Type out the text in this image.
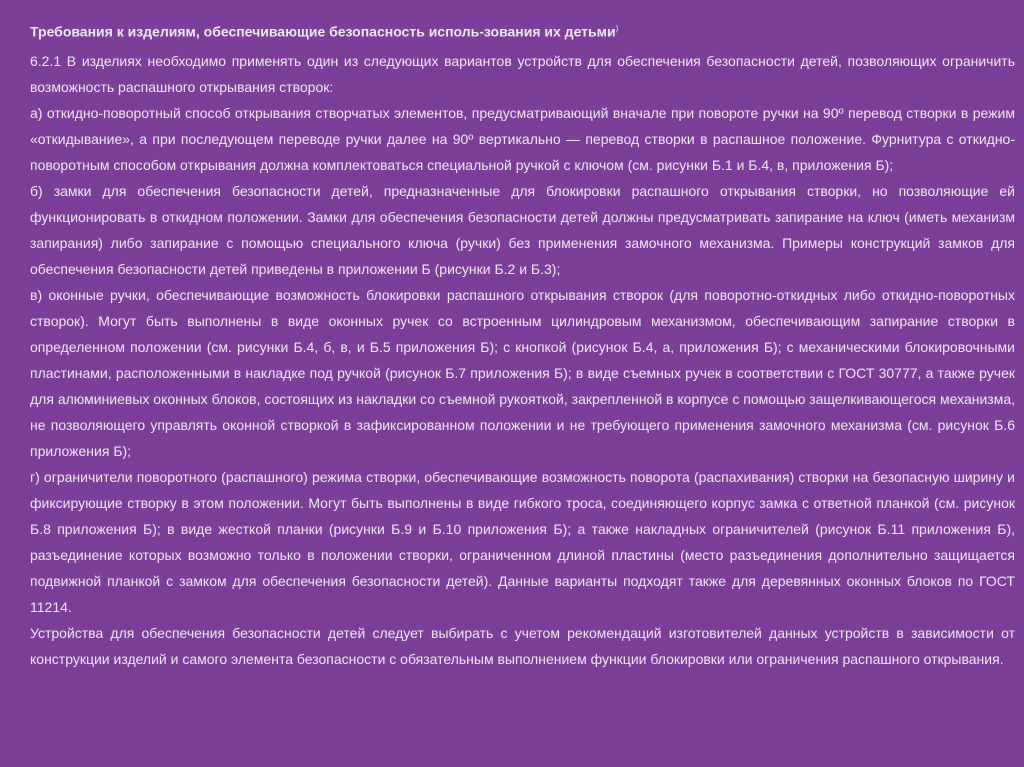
Требования к изделиям, обеспечивающие безопасность исполь-зования их детьми)

6.2.1 В изделиях необходимо применять один из следующих вариантов устройств для обеспечения безопасности детей, позволяющих ограничить возможность распашного открывания створок:

а) откидно-поворотный способ открывания створчатых элементов, предусматривающий вначале при повороте ручки на 90º перевод створки в режим «откидывание», а при последующем переводе ручки далее на 90º вертикально — перевод створки в распашное положение. Фурнитура с откидно-поворотным способом открывания должна комплектоваться специальной ручкой с ключом (см. рисунки Б.1 и Б.4, в, приложения Б);

б) замки для обеспечения безопасности детей, предназначенные для блокировки распашного открывания створки, но позволяющие ей функционировать в откидном положении. Замки для обеспечения безопасности детей должны предусматривать запирание на ключ (иметь механизм запирания) либо запирание с помощью специального ключа (ручки) без применения замочного механизма. Примеры конструкций замков для обеспечения безопасности детей приведены в приложении Б (рисунки Б.2 и Б.3);

в) оконные ручки, обеспечивающие возможность блокировки распашного открывания створок (для поворотно-откидных либо откидно-поворотных створок). Могут быть выполнены в виде оконных ручек со встроенным цилиндровым механизмом, обеспечивающим запирание створки в определенном положении (см. рисунки Б.4, б, в, и Б.5 приложения Б); с кнопкой (рисунок Б.4, а, приложения Б); с механическими блокировочными пластинами, расположенными в накладке под ручкой (рисунок Б.7 приложения Б); в виде съемных ручек в соответствии с ГОСТ 30777, а также ручек для алюминиевых оконных блоков, состоящих из накладки со съемной рукояткой, закрепленной в корпусе с помощью защелкивающегося механизма, не позволяющего управлять оконной створкой в зафиксированном положении и не требующего применения замочного механизма (см. рисунок Б.6 приложения Б);

г) ограничители поворотного (распашного) режима створки, обеспечивающие возможность поворота (распахивания) створки на безопасную ширину и фиксирующие створку в этом положении. Могут быть выполнены в виде гибкого троса, соединяющего корпус замка с ответной планкой (см. рисунок Б.8 приложения Б); в виде жесткой планки (рисунки Б.9 и Б.10 приложения Б); а также накладных ограничителей (рисунок Б.11 приложения Б), разъединение которых возможно только в положении створки, ограниченном длиной пластины (место разъединения дополнительно защищается подвижной планкой с замком для обеспечения безопасности детей). Данные варианты подходят также для деревянных оконных блоков по ГОСТ 11214.

Устройства для обеспечения безопасности детей следует выбирать с учетом рекомендаций изготовителей данных устройств в зависимости от конструкции изделий и самого элемента безопасности с обязательным выполнением функции блокировки или ограничения распашного открывания.
